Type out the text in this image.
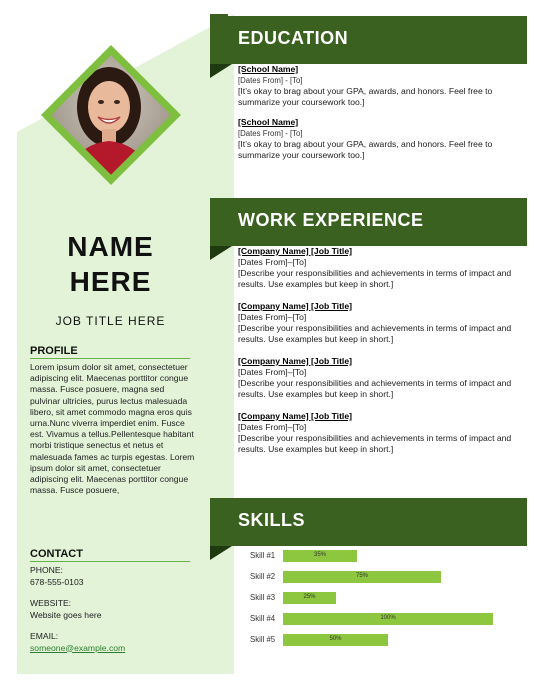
NAME
HERE
JOB TITLE HERE
PROFILE
Lorem ipsum dolor sit amet, consectetuer adipiscing elit. Maecenas porttitor congue massa. Fusce posuere, magna sed pulvinar ultricies, purus lectus malesuada libero, sit amet commodo magna eros quis urna.Nunc viverra imperdiet enim. Fusce est. Vivamus a tellus.Pellentesque habitant morbi tristique senectus et netus et malesuada fames ac turpis egestas. Lorem ipsum dolor sit amet, consectetuer adipiscing elit. Maecenas porttitor congue massa. Fusce posuere,
CONTACT
PHONE:
678-555-0103
WEBSITE:
Website goes here
EMAIL:
someone@example.com
EDUCATION
[School Name]
[Dates From] - [To]
[It’s okay to brag about your GPA, awards, and honors. Feel free to summarize your coursework too.]
[School Name]
[Dates From] - [To]
[It’s okay to brag about your GPA, awards, and honors. Feel free to summarize your coursework too.]
WORK EXPERIENCE
[Company Name] [Job Title]
[Dates From]–[To]
[Describe your responsibilities and achievements in terms of impact and results. Use examples but keep in short.]
[Company Name] [Job Title]
[Dates From]–[To]
[Describe your responsibilities and achievements in terms of impact and results. Use examples but keep in short.]
[Company Name] [Job Title]
[Dates From]–[To]
[Describe your responsibilities and achievements in terms of impact and results. Use examples but keep in short.]
[Company Name] [Job Title]
[Dates From]–[To]
[Describe your responsibilities and achievements in terms of impact and results. Use examples but keep in short.]
SKILLS
Skill #1	35%
Skill #2	75%
Skill #3	25%
Skill #4	100%
Skill #5	50%
